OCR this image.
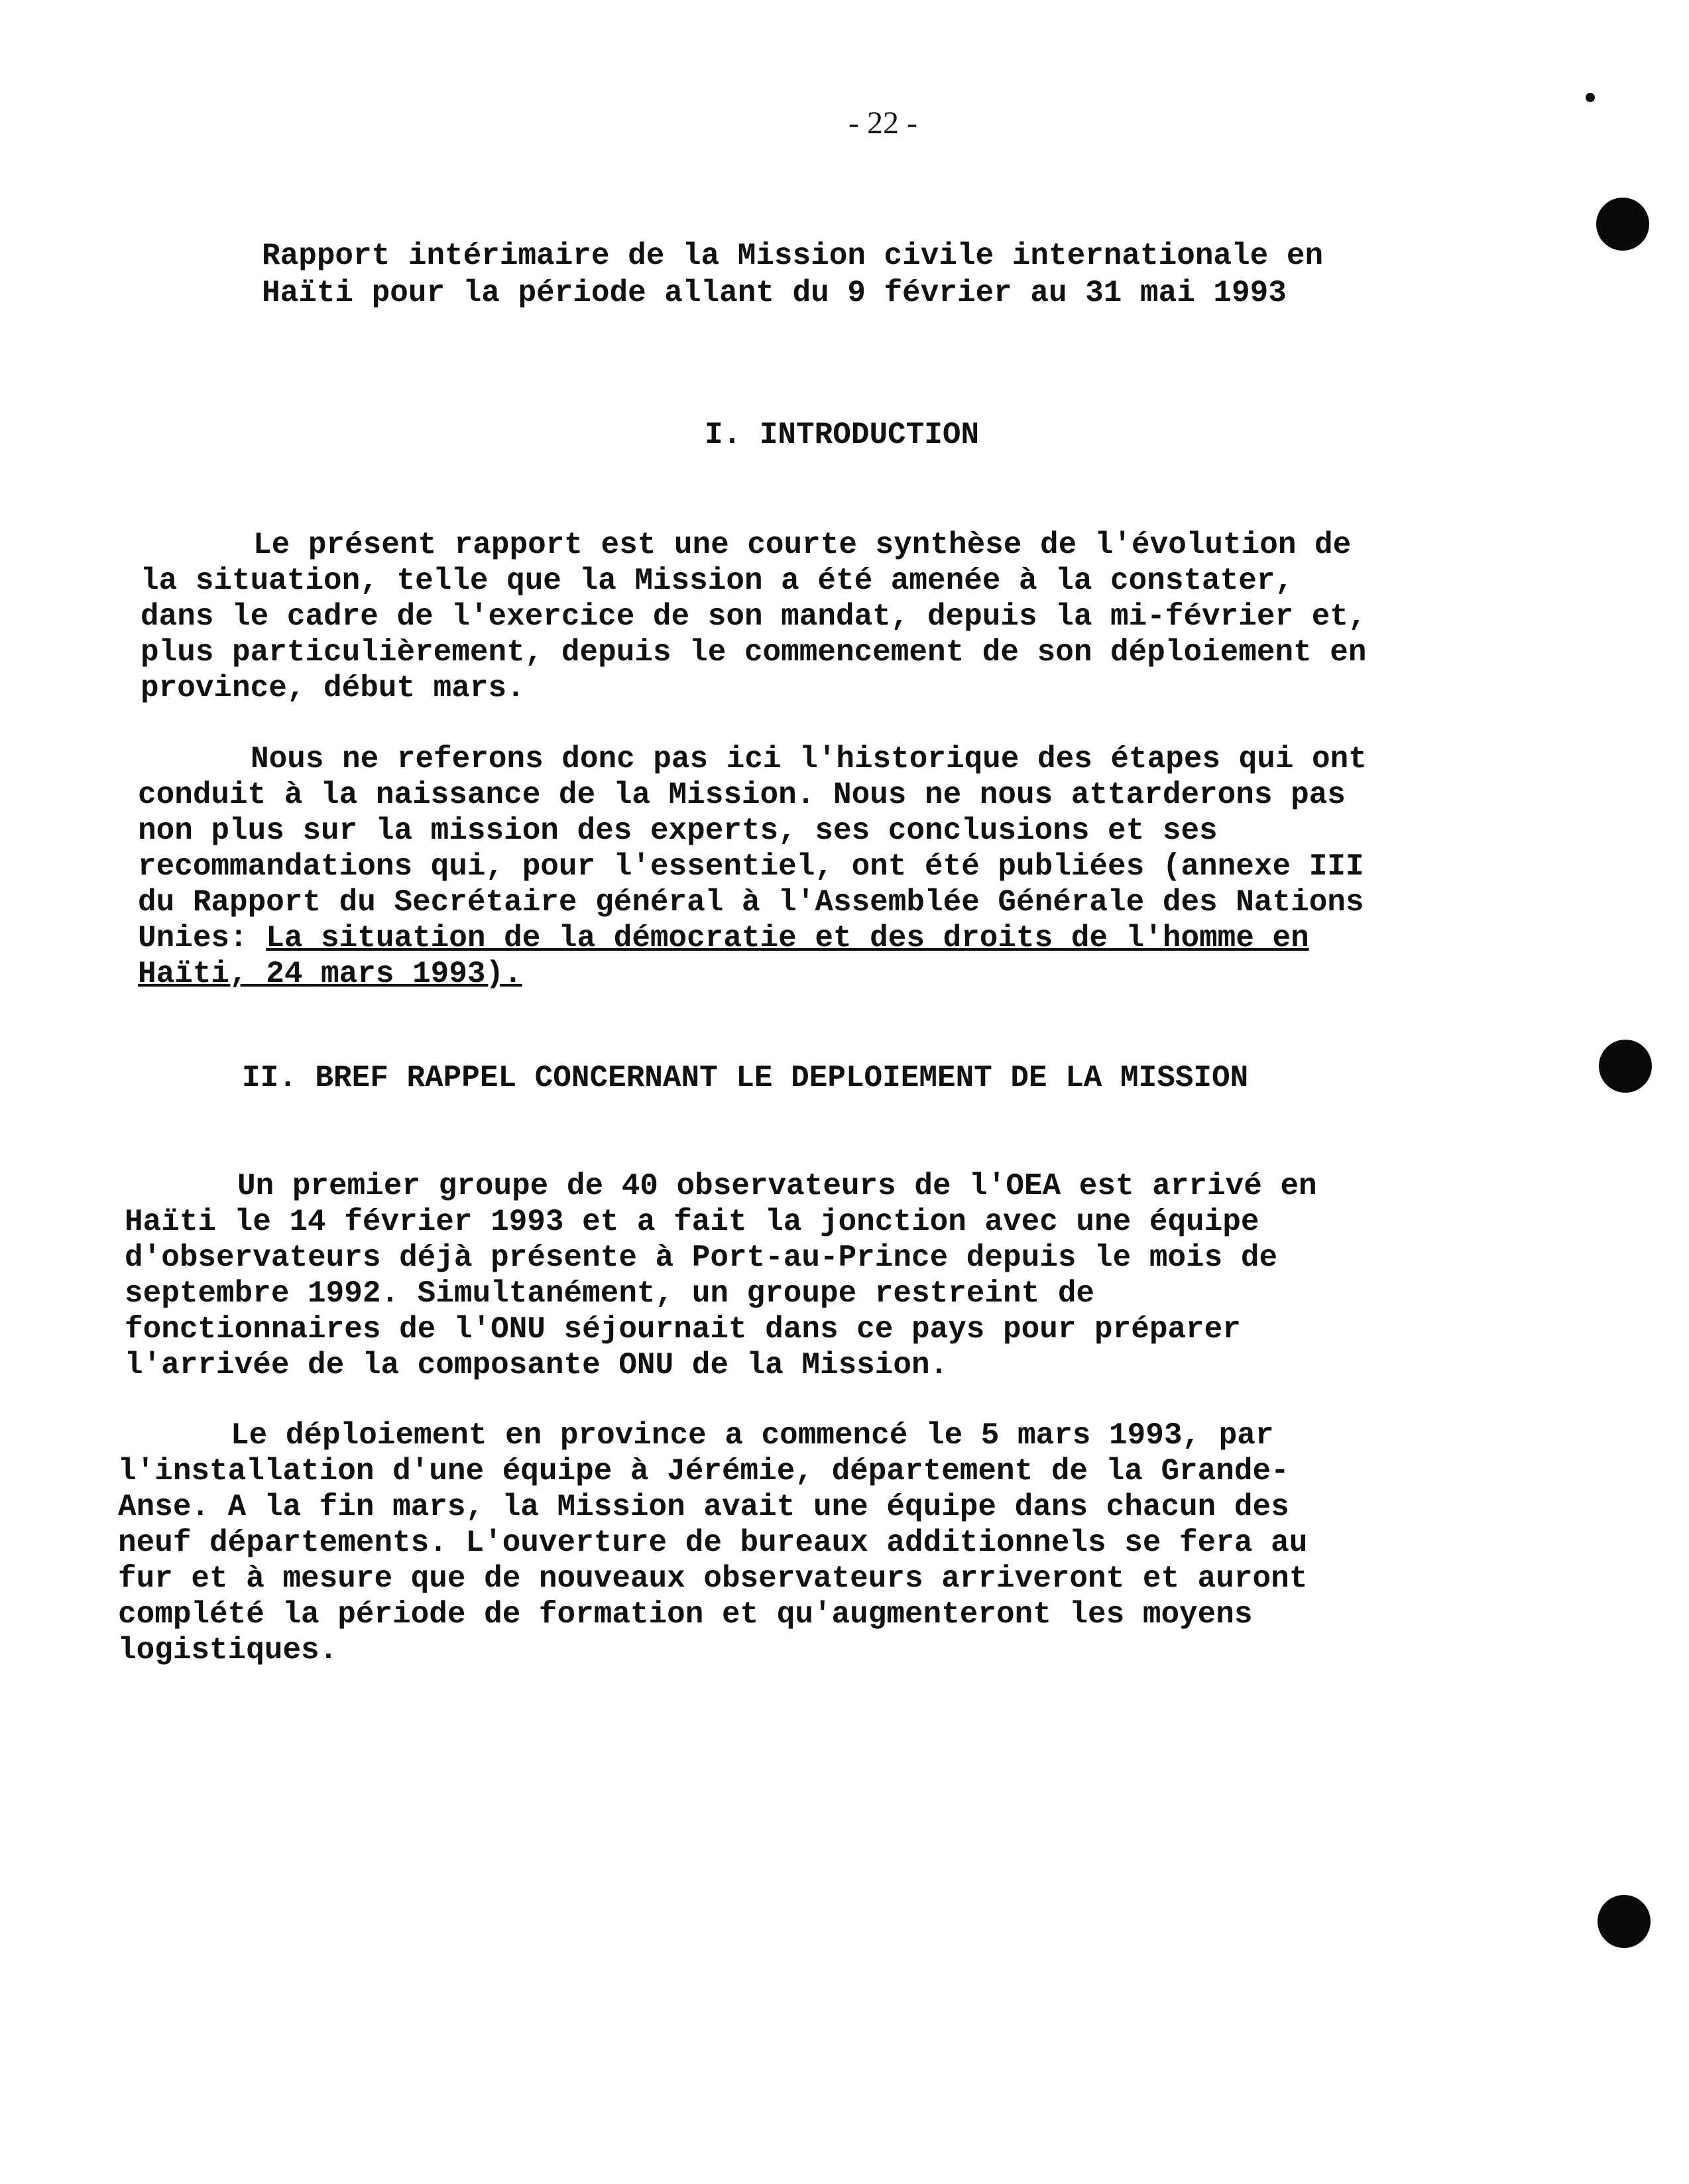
- 22 -
Rapport intérimaire de la Mission civile internationale en
Haïti pour la période allant du 9 février au 31 mai 1993
I. INTRODUCTION

Le présent rapport est une courte synthèse de l'évolution de
la situation, telle que la Mission a été amenée à la constater,
dans le cadre de l'exercice de son mandat, depuis la mi-février et,
plus particulièrement, depuis le commencement de son déploiement en
province, début mars.

Nous ne referons donc pas ici l'historique des étapes qui ont
conduit à la naissance de la Mission. Nous ne nous attarderons pas
non plus sur la mission des experts, ses conclusions et ses
recommandations qui, pour l'essentiel, ont été publiées (annexe III
du Rapport du Secrétaire général à l'Assemblée Générale des Nations
Unies: La situation de la démocratie et des droits de l'homme en
Haïti, 24 mars 1993).

II. BREF RAPPEL CONCERNANT LE DEPLOIEMENT DE LA MISSION

Un premier groupe de 40 observateurs de l'OEA est arrivé en
Haïti le 14 février 1993 et a fait la jonction avec une équipe
d'observateurs déjà présente à Port-au-Prince depuis le mois de
septembre 1992. Simultanément, un groupe restreint de
fonctionnaires de l'ONU séjournait dans ce pays pour préparer
l'arrivée de la composante ONU de la Mission.

Le déploiement en province a commencé le 5 mars 1993, par
l'installation d'une équipe à Jérémie, département de la Grande-
Anse. A la fin mars, la Mission avait une équipe dans chacun des
neuf départements. L'ouverture de bureaux additionnels se fera au
fur et à mesure que de nouveaux observateurs arriveront et auront
complété la période de formation et qu'augmenteront les moyens
logistiques.
